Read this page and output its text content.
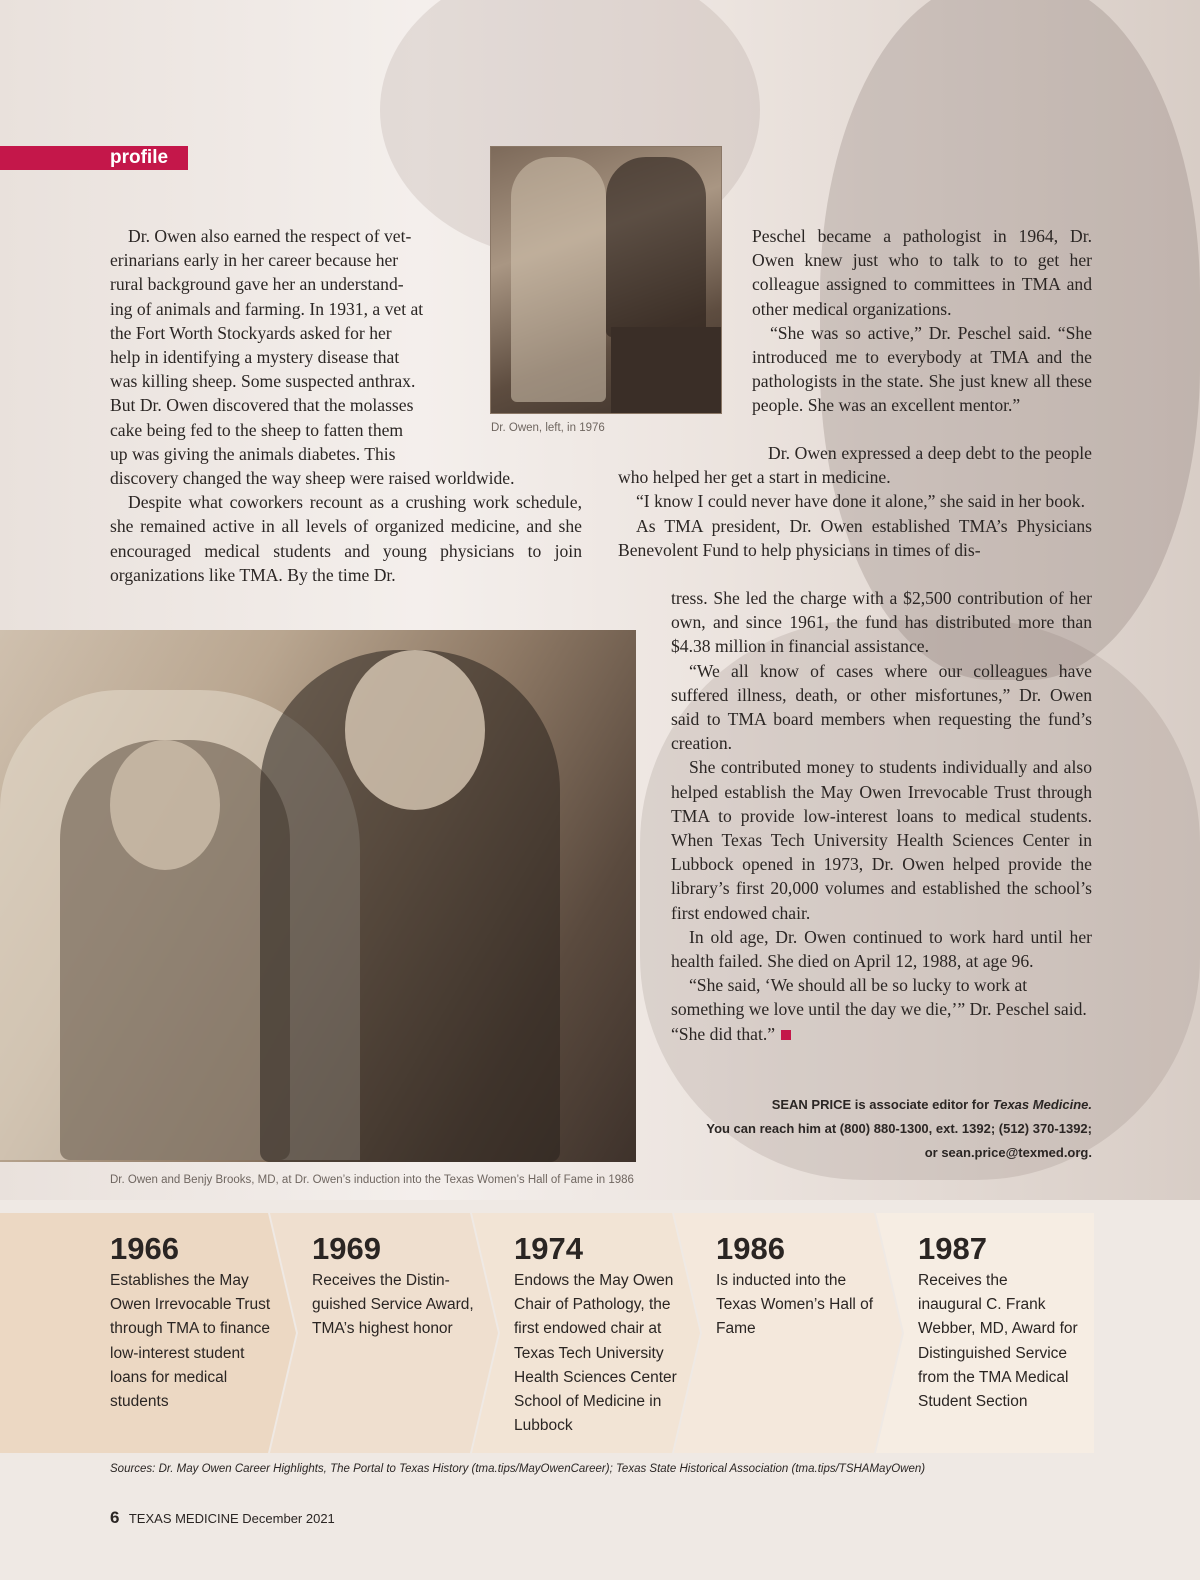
profile
Dr. Owen, left, in 1976

Dr. Owen also earned the respect of vet-

erinarians early in her career because her

rural background gave her an understand-

ing of animals and farming. In 1931, a vet at

the Fort Worth Stockyards asked for her

help in identifying a mystery disease that

was killing sheep. Some suspected anthrax.

But Dr. Owen discovered that the molasses

cake being fed to the sheep to fatten them

up was giving the animals diabetes. This

discovery changed the way sheep were raised worldwide.

Despite what coworkers recount as a crushing work schedule, she remained active in all levels of organized medicine, and she encouraged medical students and young physicians to join organizations like TMA. By the time Dr.

Peschel became a pathologist in 1964, Dr. Owen knew just who to talk to to get her colleague assigned to committees in TMA and other medical organizations.

“She was so active,” Dr. Peschel said. “She introduced me to everybody at TMA and the pathologists in the state. She just knew all these people. She was an excellent mentor.”

Dr. Owen expressed a deep debt to the people who helped her get a start in medicine.

“I know I could never have done it alone,” she said in her book.

As TMA president, Dr. Owen established TMA’s Physicians Benevolent Fund to help physicians in times of dis-

tress. She led the charge with a $2,500 contribution of her own, and since 1961, the fund has distributed more than $4.38 million in financial assistance.

“We all know of cases where our colleagues have suffered illness, death, or other misfortunes,” Dr. Owen said to TMA board members when requesting the fund’s creation.

She contributed money to students individually and also helped establish the May Owen Irrevocable Trust through TMA to provide low-interest loans to medical students. When Texas Tech University Health Sciences Center in Lubbock opened in 1973, Dr. Owen helped provide the library’s first 20,000 volumes and established the school’s first endowed chair.

In old age, Dr. Owen continued to work hard until her health failed. She died on April 12, 1988, at age 96.

“She said, ‘We should all be so lucky to work at something we love until the day we die,’” Dr. Peschel said. “She did that.”

Dr. Owen and Benjy Brooks, MD, at Dr. Owen’s induction into the Texas Women’s Hall of Fame in 1986
SEAN PRICE is associate editor for Texas Medicine.
You can reach him at (800) 880-1300, ext. 1392; (512) 370-1392;
or sean.price@texmed.org.
1966
Establishes the May
Owen Irrevocable Trust
through TMA to finance
low-interest student
loans for medical
students
1969
Receives the Distin-
guished Service Award,
TMA’s highest honor
1974
Endows the May Owen
Chair of Pathology, the
first endowed chair at
Texas Tech University
Health Sciences Center
School of Medicine in
Lubbock
1986
Is inducted into the
Texas Women’s Hall of
Fame
1987
Receives the
inaugural C. Frank
Webber, MD, Award for
Distinguished Service
from the TMA Medical
Student Section
Sources: Dr. May Owen Career Highlights, The Portal to Texas History (tma.tips/MayOwenCareer); Texas State Historical Association (tma.tips/TSHAMayOwen)
6 TEXAS MEDICINE December 2021
